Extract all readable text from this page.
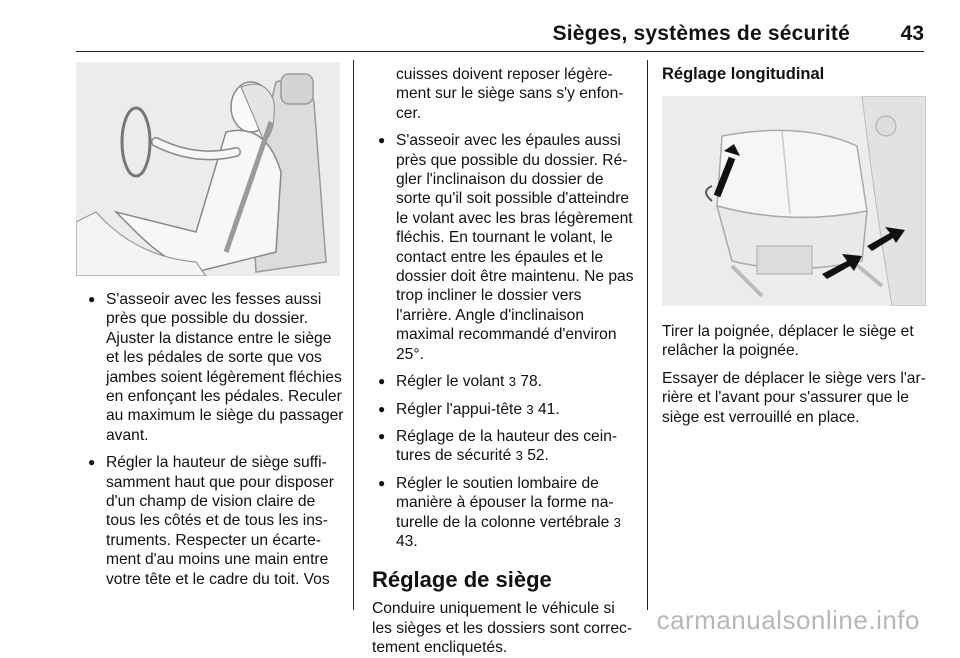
Sièges, systèmes de sécurité 43
● S'asseoir avec les fesses aussi près que possible du dossier. Ajuster la distance entre le siège et les pédales de sorte que vos jambes soient légèrement fléchies en enfonçant les pédales. Reculer au maximum le siège du passager avant.
● Régler la hauteur de siège suffisamment haut que pour disposer d'un champ de vision claire de tous les côtés et de tous les instruments. Respecter un écartement d'au moins une main entre votre tête et le cadre du toit. Vos
cuisses doivent reposer légèrement sur le siège sans s'y enfoncer.
● S'asseoir avec les épaules aussi près que possible du dossier. Régler l'inclinaison du dossier de sorte qu'il soit possible d'atteindre le volant avec les bras légèrement fléchis. En tournant le volant, le contact entre les épaules et le dossier doit être maintenu. Ne pas trop incliner le dossier vers l'arrière. Angle d'inclinaison maximal recommandé d'environ 25°.
● Régler le volant 3 78.
● Régler l'appui-tête 3 41.
● Réglage de la hauteur des ceintures de sécurité 3 52.
● Régler le soutien lombaire de manière à épouser la forme naturelle de la colonne vertébrale 3 43.
Réglage de siège
Conduire uniquement le véhicule si les sièges et les dossiers sont correctement encliquetés.
Réglage longitudinal

Tirer la poignée, déplacer le siège et relâcher la poignée.

Essayer de déplacer le siège vers l'arrière et l'avant pour s'assurer que le siège est verrouillé en place.

carmanualsonline.info
